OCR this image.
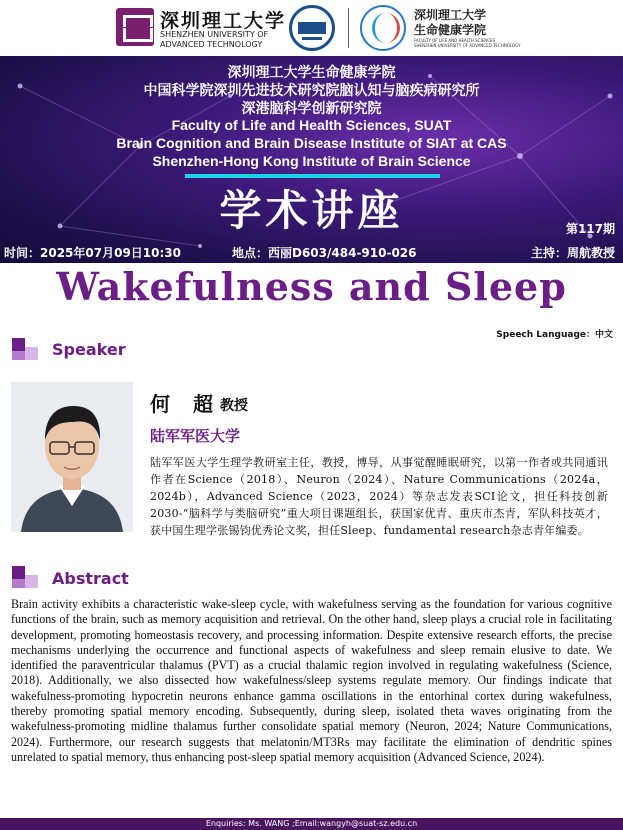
深圳理工大学
SHENZHEN UNIVERSITY OF
ADVANCED TECHNOLOGY
深圳理工大学
生命健康学院
FACULTY OF LIFE AND HEALTH SCIENCES
SHENZHEN UNIVERSITY OF ADVANCED TECHNOLOGY
深圳理工大学生命健康学院
中国科学院深圳先进技术研究院脑认知与脑疾病研究所
深港脑科学创新研究院
Faculty of Life and Health Sciences, SUAT
Brain Cognition and Brain Disease Institute of SIAT at CAS
Shenzhen-Hong Kong Institute of Brain Science
学术讲座	第117期
时间：2025年07月09日10:30	地点：西丽D603/484-910-026	主持：周航教授
Wakefulness and Sleep
Speech Language：中文
Speaker
何 超 教授
陆军军医大学
陆军军医大学生理学教研室主任，教授，博导，从事觉醒睡眠研究，以第一作者或共同通讯作者在Science（2018）、Neuron（2024）、Nature Communications（2024a，2024b），Advanced Science（2023，2024）等杂志发表SCI论文，担任科技创新2030-“脑科学与类脑研究”重大项目课题组长，获国家优青、重庆市杰青，军队科技英才，获中国生理学张锡钧优秀论文奖，担任Sleep、fundamental research杂志青年编委。
Abstract
Brain activity exhibits a characteristic wake-sleep cycle, with wakefulness serving as the foundation for various cognitive functions of the brain, such as memory acquisition and retrieval. On the other hand, sleep plays a crucial role in facilitating development, promoting homeostasis recovery, and processing information. Despite extensive research efforts, the precise mechanisms underlying the occurrence and functional aspects of wakefulness and sleep remain elusive to date. We identified the paraventricular thalamus (PVT) as a crucial thalamic region involved in regulating wakefulness (Science, 2018). Additionally, we also dissected how wakefulness/sleep systems regulate memory. Our findings indicate that wakefulness-promoting hypocretin neurons enhance gamma oscillations in the entorhinal cortex during wakefulness, thereby promoting spatial memory encoding. Subsequently, during sleep, isolated theta waves originating from the wakefulness-promoting midline thalamus further consolidate spatial memory (Neuron, 2024; Nature Communications, 2024). Furthermore, our research suggests that melatonin/MT3Rs may facilitate the elimination of dendritic spines unrelated to spatial memory, thus enhancing post-sleep spatial memory acquisition (Advanced Science, 2024).
Enquiries: Ms. WANG ;Email:wangyh@suat-sz.edu.cn
